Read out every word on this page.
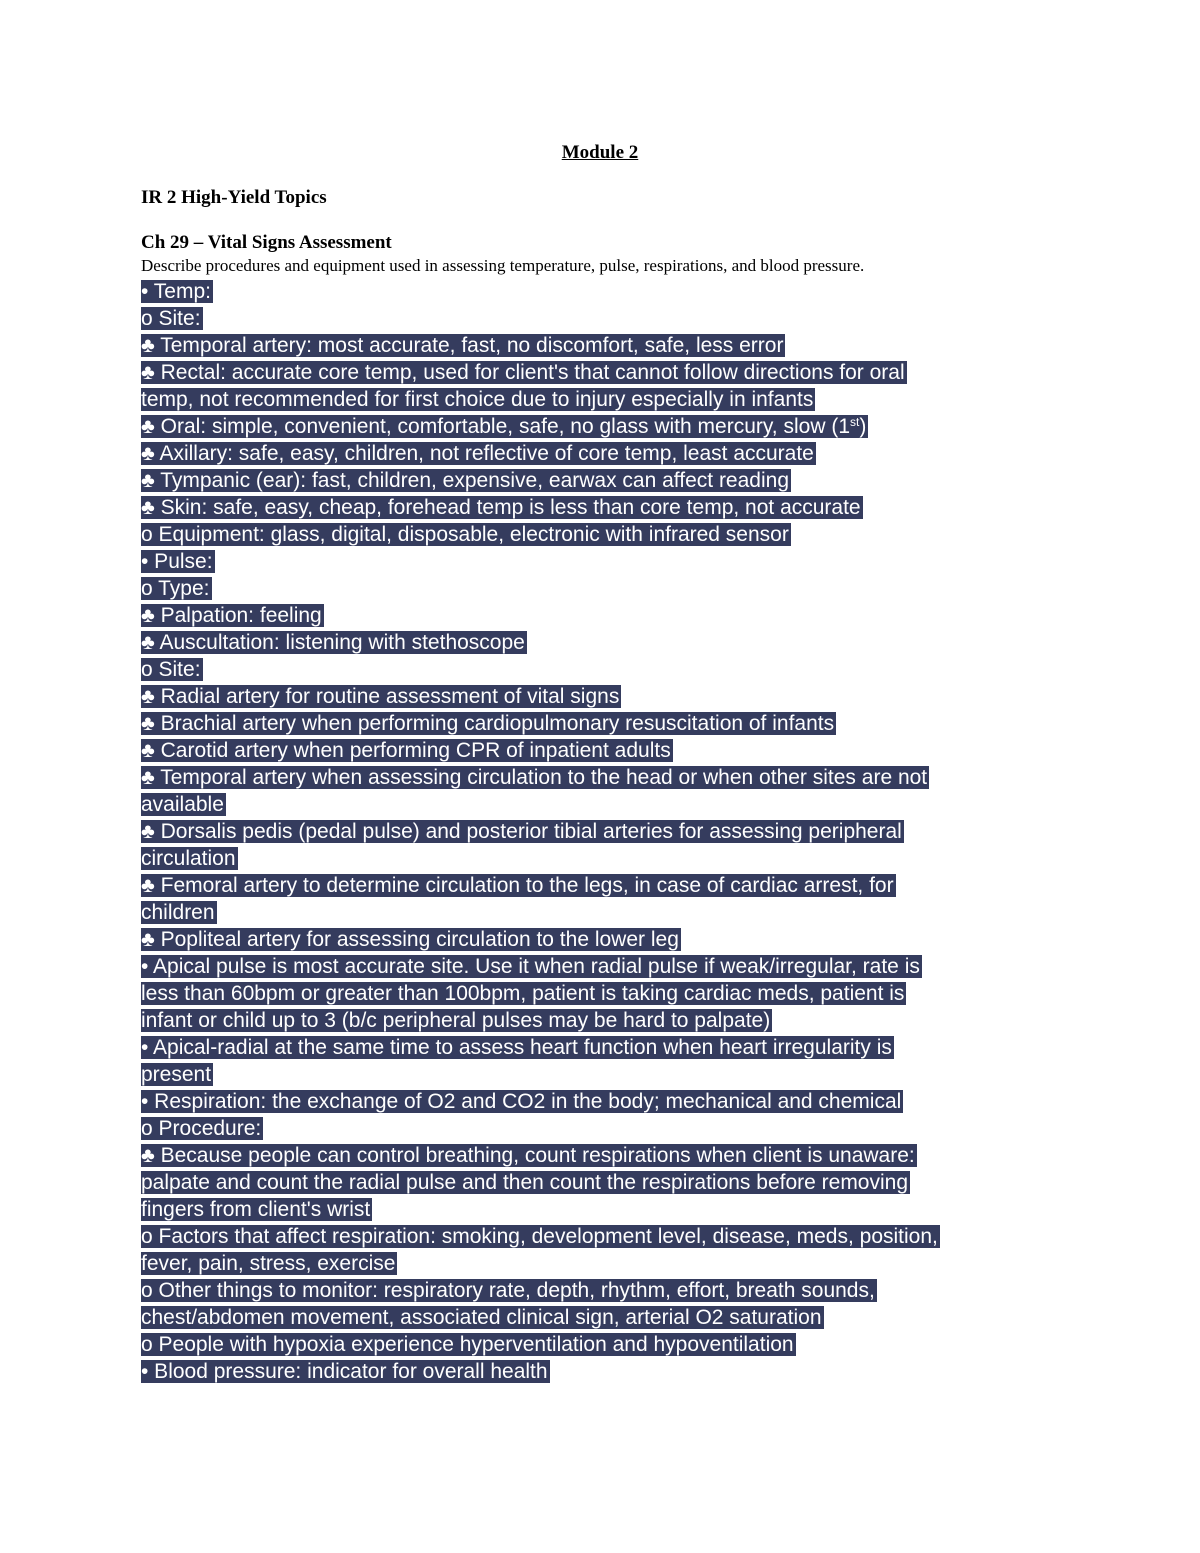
Module 2
IR 2 High-Yield Topics
Ch 29 – Vital Signs Assessment
Describe procedures and equipment used in assessing temperature, pulse, respirations, and blood pressure.
• Temp:
o Site:
♣ Temporal artery: most accurate, fast, no discomfort, safe, less error
♣ Rectal: accurate core temp, used for client's that cannot follow directions for oral
temp, not recommended for first choice due to injury especially in infants
♣ Oral: simple, convenient, comfortable, safe, no glass with mercury, slow (1st)
♣ Axillary: safe, easy, children, not reflective of core temp, least accurate
♣ Tympanic (ear): fast, children, expensive, earwax can affect reading
♣ Skin: safe, easy, cheap, forehead temp is less than core temp, not accurate
o Equipment: glass, digital, disposable, electronic with infrared sensor
• Pulse:
o Type:
♣ Palpation: feeling
♣ Auscultation: listening with stethoscope
o Site:
♣ Radial artery for routine assessment of vital signs
♣ Brachial artery when performing cardiopulmonary resuscitation of infants
♣ Carotid artery when performing CPR of inpatient adults
♣ Temporal artery when assessing circulation to the head or when other sites are not
available
♣ Dorsalis pedis (pedal pulse) and posterior tibial arteries for assessing peripheral
circulation
♣ Femoral artery to determine circulation to the legs, in case of cardiac arrest, for
children
♣ Popliteal artery for assessing circulation to the lower leg
• Apical pulse is most accurate site. Use it when radial pulse if weak/irregular, rate is
less than 60bpm or greater than 100bpm, patient is taking cardiac meds, patient is
infant or child up to 3 (b/c peripheral pulses may be hard to palpate)
• Apical-radial at the same time to assess heart function when heart irregularity is
present
• Respiration: the exchange of O2 and CO2 in the body; mechanical and chemical
o Procedure:
♣ Because people can control breathing, count respirations when client is unaware:
palpate and count the radial pulse and then count the respirations before removing
fingers from client's wrist
o Factors that affect respiration: smoking, development level, disease, meds, position,
fever, pain, stress, exercise
o Other things to monitor: respiratory rate, depth, rhythm, effort, breath sounds,
chest/abdomen movement, associated clinical sign, arterial O2 saturation
o People with hypoxia experience hyperventilation and hypoventilation
• Blood pressure: indicator for overall health
